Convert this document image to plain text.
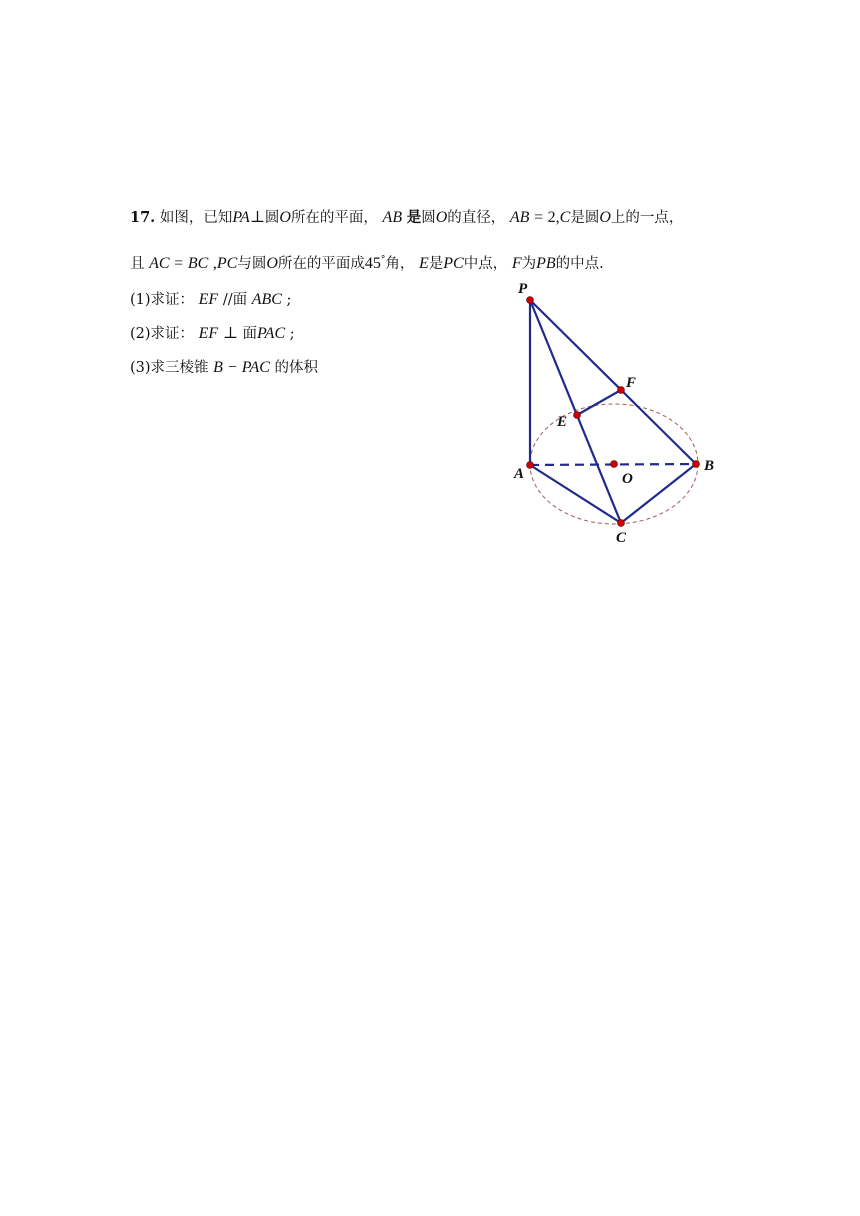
17. 如图，已知PA⊥圆O所在的平面， AB 是圆O的直径， AB = 2,C是圆O上的一点，
且 AC = BC ,PC与圆O所在的平面成45°角， E是PC中点， F为PB的中点.
(1)求证： EF //面 ABC ;
(2)求证： EF ⊥ 面PAC ;
(3)求三棱锥 B − PAC 的体积
P
F
E
A	O
B
C
